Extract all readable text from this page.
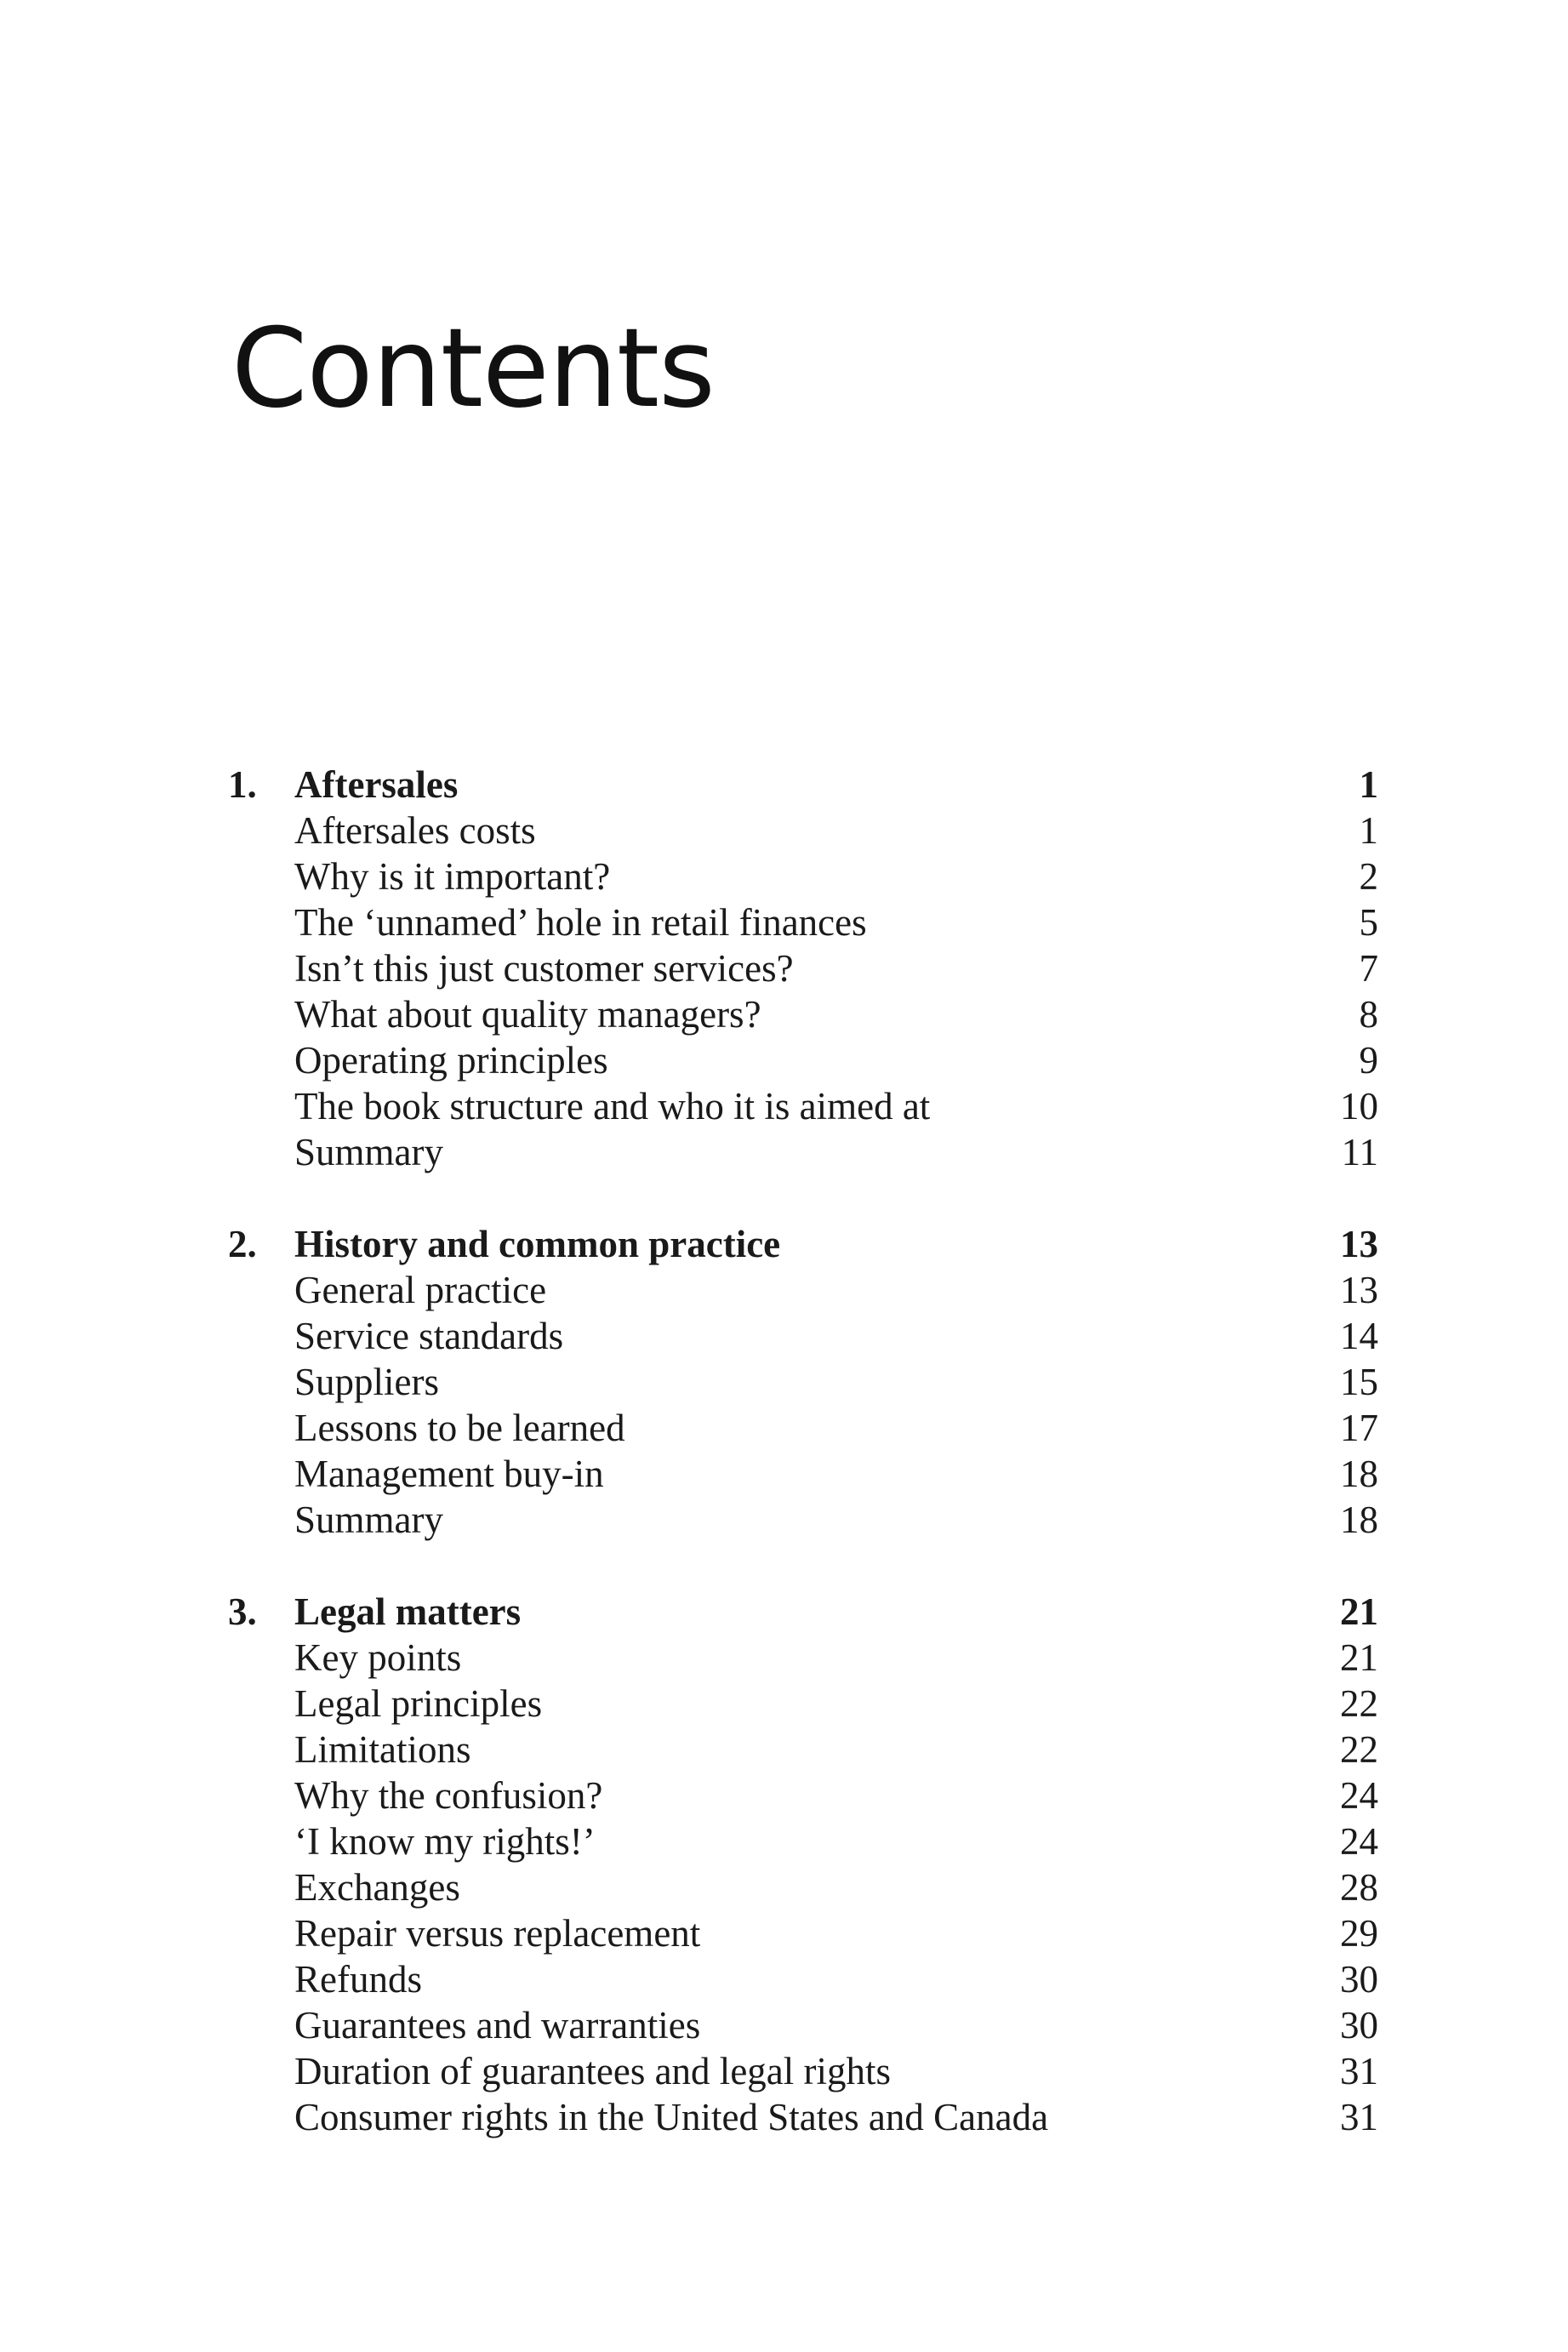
Contents
1. Aftersales	1
Aftersales costs	1
Why is it important?	2
The ‘unnamed’ hole in retail finances	5
Isn’t this just customer services?	7
What about quality managers?	8
Operating principles	9
The book structure and who it is aimed at	10
Summary	11
2. History and common practice	13
General practice	13
Service standards	14
Suppliers	15
Lessons to be learned	17
Management buy-in	18
Summary	18
3. Legal matters	21
Key points	21
Legal principles	22
Limitations	22
Why the confusion?	24
‘I know my rights!’	24
Exchanges	28
Repair versus replacement	29
Refunds	30
Guarantees and warranties	30
Duration of guarantees and legal rights	31
Consumer rights in the United States and Canada	31
